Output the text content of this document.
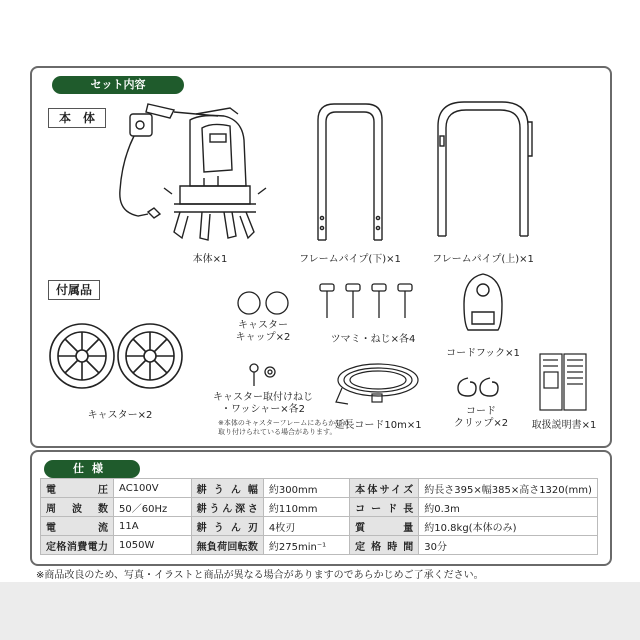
セット内容
本　体
付属品
本体×1	フレームパイプ(下)×1	フレームパイプ(上)×1
キャスター
キャップ×2	ツマミ・ねじ×各4
コードフック×1
キャスター×2
キャスター取付けねじ
・ワッシャー×各2
※本体のキャスターフレームにあらかじめ
取り付けられている場合があります。
延長コード10m×1
コード
クリップ×2	取扱説明書×1
仕様
電　　圧	AC100V	耕うん幅	約300mm	本体サイズ	約長さ395×幅385×高さ1320(mm)
周波数	50／60Hz	耕うん深さ	約110mm	コード長	約0.3m
電　　流	11A	耕うん刃	4枚刃	質　　量	約10.8kg(本体のみ)
定格消費電力	1050W	無負荷回転数	約275min⁻¹	定格時間	30分
※商品改良のため、写真・イラストと商品が異なる場合がありますのであらかじめご了承ください。
